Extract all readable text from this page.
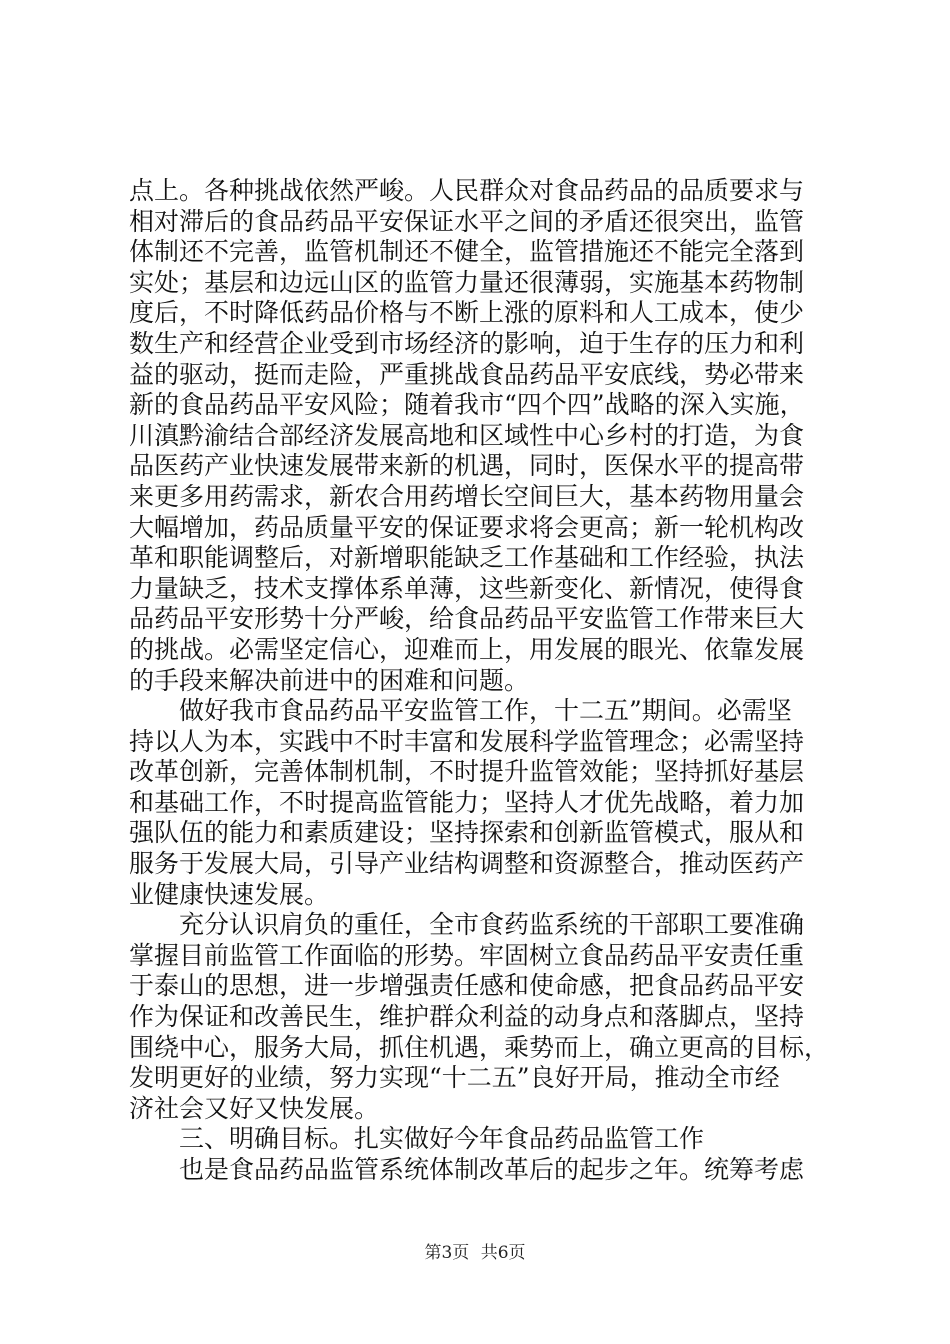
点上。各种挑战依然严峻。人民群众对食品药品的品质要求与
相对滞后的食品药品平安保证水平之间的矛盾还很突出，监管
体制还不完善，监管机制还不健全，监管措施还不能完全落到
实处；基层和边远山区的监管力量还很薄弱，实施基本药物制
度后，不时降低药品价格与不断上涨的原料和人工成本，使少
数生产和经营企业受到市场经济的影响，迫于生存的压力和利
益的驱动，挺而走险，严重挑战食品药品平安底线，势必带来
新的食品药品平安风险；随着我市“四个四”战略的深入实施，
川滇黔渝结合部经济发展高地和区域性中心乡村的打造，为食
品医药产业快速发展带来新的机遇，同时，医保水平的提高带
来更多用药需求，新农合用药增长空间巨大，基本药物用量会
大幅增加，药品质量平安的保证要求将会更高；新一轮机构改
革和职能调整后，对新增职能缺乏工作基础和工作经验，执法
力量缺乏，技术支撑体系单薄，这些新变化、新情况，使得食
品药品平安形势十分严峻，给食品药品平安监管工作带来巨大
的挑战。必需坚定信心，迎难而上，用发展的眼光、依靠发展
的手段来解决前进中的困难和问题。
　　做好我市食品药品平安监管工作，十二五”期间。必需坚
持以人为本，实践中不时丰富和发展科学监管理念；必需坚持
改革创新，完善体制机制，不时提升监管效能；坚持抓好基层
和基础工作，不时提高监管能力；坚持人才优先战略，着力加
强队伍的能力和素质建设；坚持探索和创新监管模式，服从和
服务于发展大局，引导产业结构调整和资源整合，推动医药产
业健康快速发展。
　　充分认识肩负的重任，全市食药监系统的干部职工要准确
掌握目前监管工作面临的形势。牢固树立食品药品平安责任重
于泰山的思想，进一步增强责任感和使命感，把食品药品平安
作为保证和改善民生，维护群众利益的动身点和落脚点，坚持
围绕中心，服务大局，抓住机遇，乘势而上，确立更高的目标，
发明更好的业绩，努力实现“十二五”良好开局，推动全市经
济社会又好又快发展。
　　三、明确目标。扎实做好今年食品药品监管工作
　　也是食品药品监管系统体制改革后的起步之年。统筹考虑
第3页 共6页
